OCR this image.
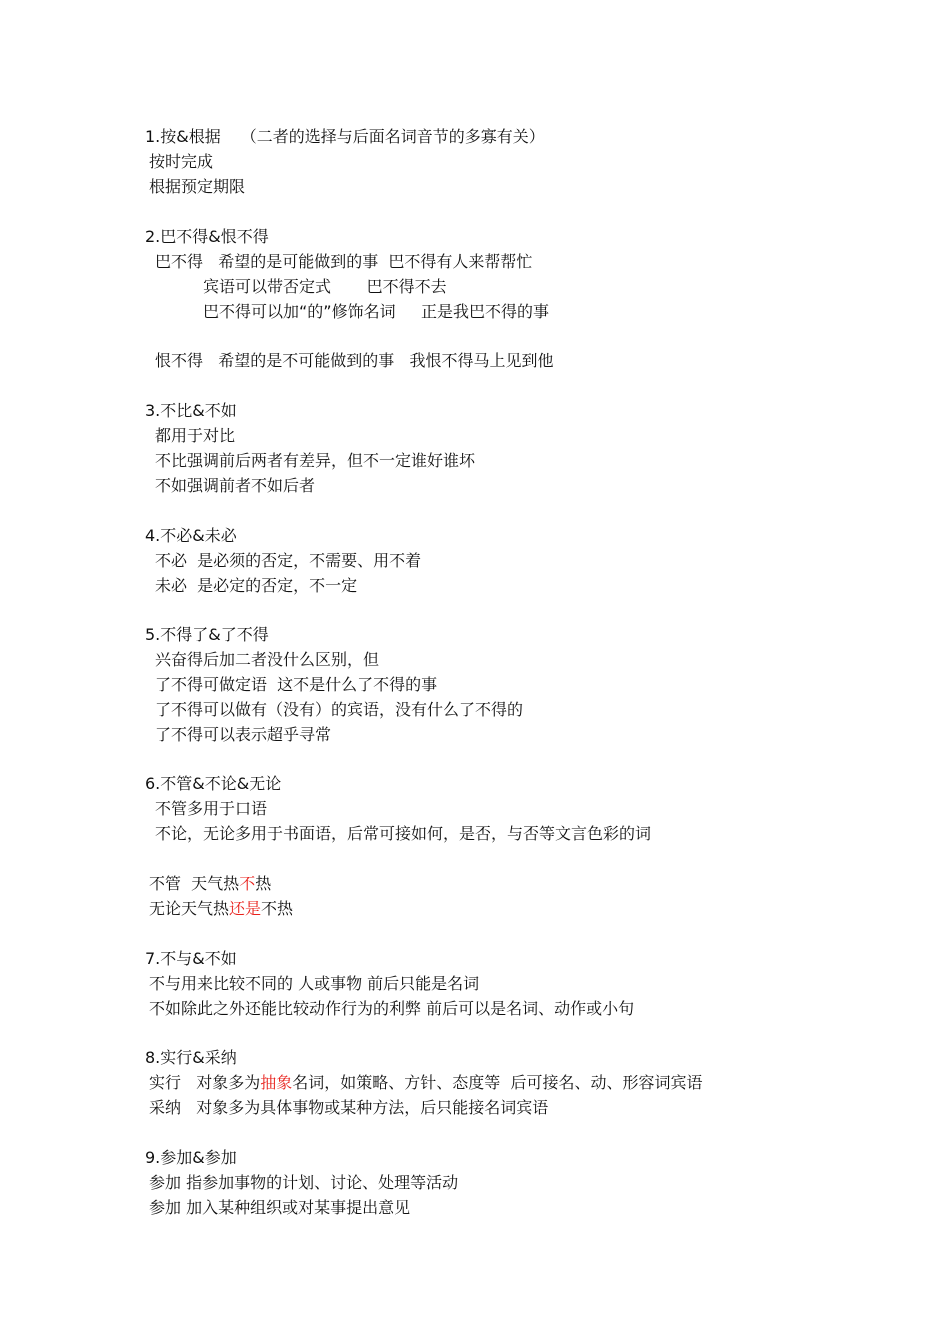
1.按&根据 （二者的选择与后面名词音节的多寡有关）
按时完成
根据预定期限
2.巴不得&恨不得
巴不得   希望的是可能做到的事  巴不得有人来帮帮忙
宾语可以带否定式       巴不得不去
巴不得可以加“的”修饰名词     正是我巴不得的事
恨不得   希望的是不可能做到的事   我恨不得马上见到他
3.不比&不如
都用于对比
不比强调前后两者有差异，但不一定谁好谁坏
不如强调前者不如后者
4.不必&未必
不必  是必须的否定，不需要、用不着
未必  是必定的否定，不一定
5.不得了&了不得
兴奋得后加二者没什么区别，但
了不得可做定语  这不是什么了不得的事
了不得可以做有（没有）的宾语，没有什么了不得的
了不得可以表示超乎寻常
6.不管&不论&无论
不管多用于口语
不论，无论多用于书面语，后常可接如何，是否，与否等文言色彩的词
不管  天气热不热
无论天气热还是不热
7.不与&不如
不与用来比较不同的 人或事物 前后只能是名词
不如除此之外还能比较动作行为的利弊 前后可以是名词、动作或小句
8.实行&采纳
实行   对象多为抽象名词，如策略、方针、态度等  后可接名、动、形容词宾语
采纳   对象多为具体事物或某种方法，后只能接名词宾语
9.参加&参加
参加 指参加事物的计划、讨论、处理等活动
参加 加入某种组织或对某事提出意见
